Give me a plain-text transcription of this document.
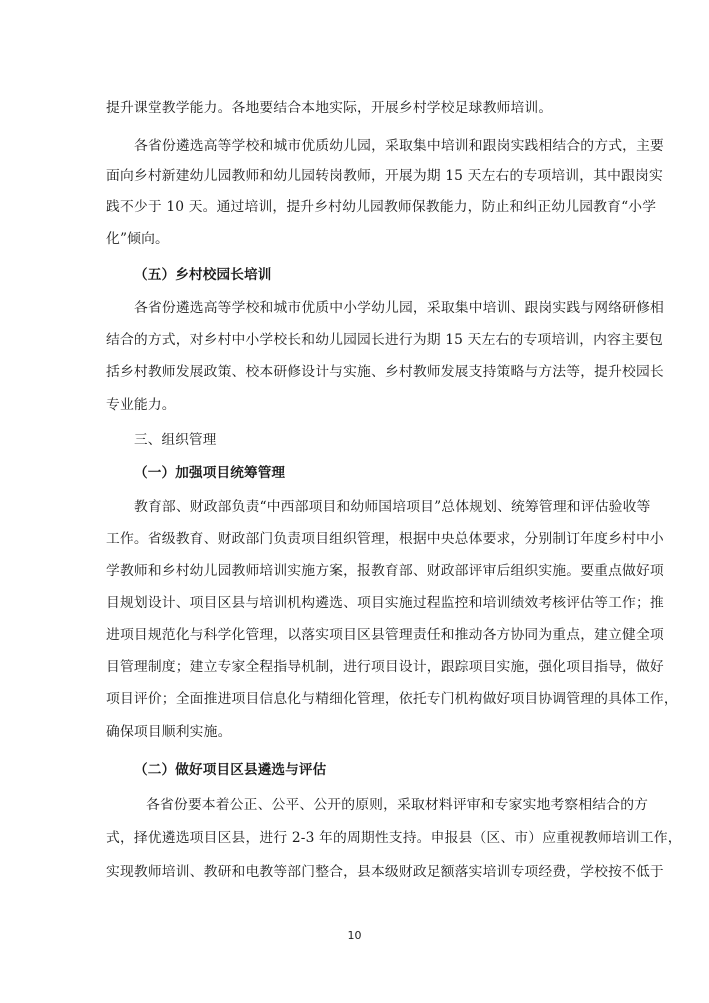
提升课堂教学能力。各地要结合本地实际，开展乡村学校足球教师培训。
各省份遴选高等学校和城市优质幼儿园，采取集中培训和跟岗实践相结合的方式，主要
面向乡村新建幼儿园教师和幼儿园转岗教师，开展为期 15 天左右的专项培训，其中跟岗实
践不少于 10 天。通过培训，提升乡村幼儿园教师保教能力，防止和纠正幼儿园教育“小学
化”倾向。
（五）乡村校园长培训
各省份遴选高等学校和城市优质中小学幼儿园，采取集中培训、跟岗实践与网络研修相
结合的方式，对乡村中小学校长和幼儿园园长进行为期 15 天左右的专项培训，内容主要包
括乡村教师发展政策、校本研修设计与实施、乡村教师发展支持策略与方法等，提升校园长
专业能力。
三、组织管理
（一）加强项目统筹管理
教育部、财政部负责“中西部项目和幼师国培项目”总体规划、统筹管理和评估验收等
工作。省级教育、财政部门负责项目组织管理，根据中央总体要求，分别制订年度乡村中小
学教师和乡村幼儿园教师培训实施方案，报教育部、财政部评审后组织实施。要重点做好项
目规划设计、项目区县与培训机构遴选、项目实施过程监控和培训绩效考核评估等工作；推
进项目规范化与科学化管理，以落实项目区县管理责任和推动各方协同为重点，建立健全项
目管理制度；建立专家全程指导机制，进行项目设计，跟踪项目实施，强化项目指导，做好
项目评价；全面推进项目信息化与精细化管理，依托专门机构做好项目协调管理的具体工作，
确保项目顺利实施。
（二）做好项目区县遴选与评估
各省份要本着公正、公平、公开的原则，采取材料评审和专家实地考察相结合的方
式，择优遴选项目区县，进行 2-3 年的周期性支持。申报县（区、市）应重视教师培训工作，
实现教师培训、教研和电教等部门整合，县本级财政足额落实培训专项经费，学校按不低于
10
